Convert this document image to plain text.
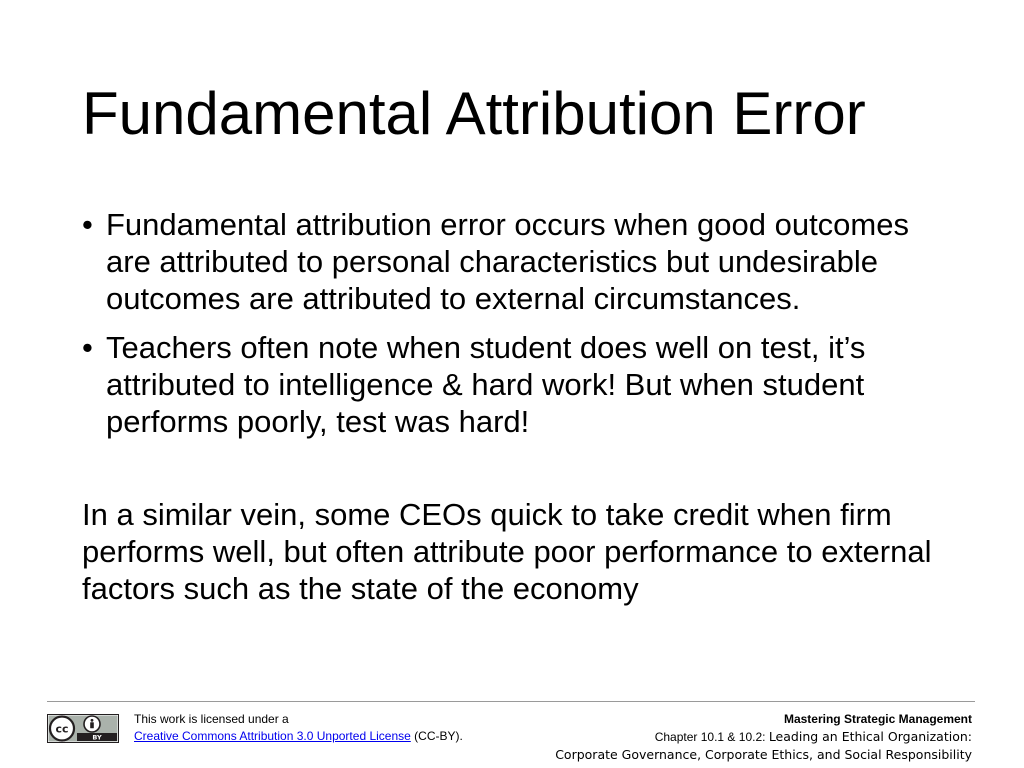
Fundamental Attribution Error
• Fundamental attribution error occurs when good outcomes are attributed to personal characteristics but undesirable outcomes are attributed to external circumstances.
• Teachers often note when student does well on test, it’s attributed to intelligence & hard work! But when student performs poorly, test was hard!

In a similar vein, some CEOs quick to take credit when firm performs well, but often attribute poor performance to external factors such as the state of the economy

cc
BY
This work is licensed under a
Creative Commons Attribution 3.0 Unported License (CC-BY).
Mastering Strategic Management
Chapter 10.1 & 10.2: Leading an Ethical Organization:
Corporate Governance, Corporate Ethics, and Social Responsibility
